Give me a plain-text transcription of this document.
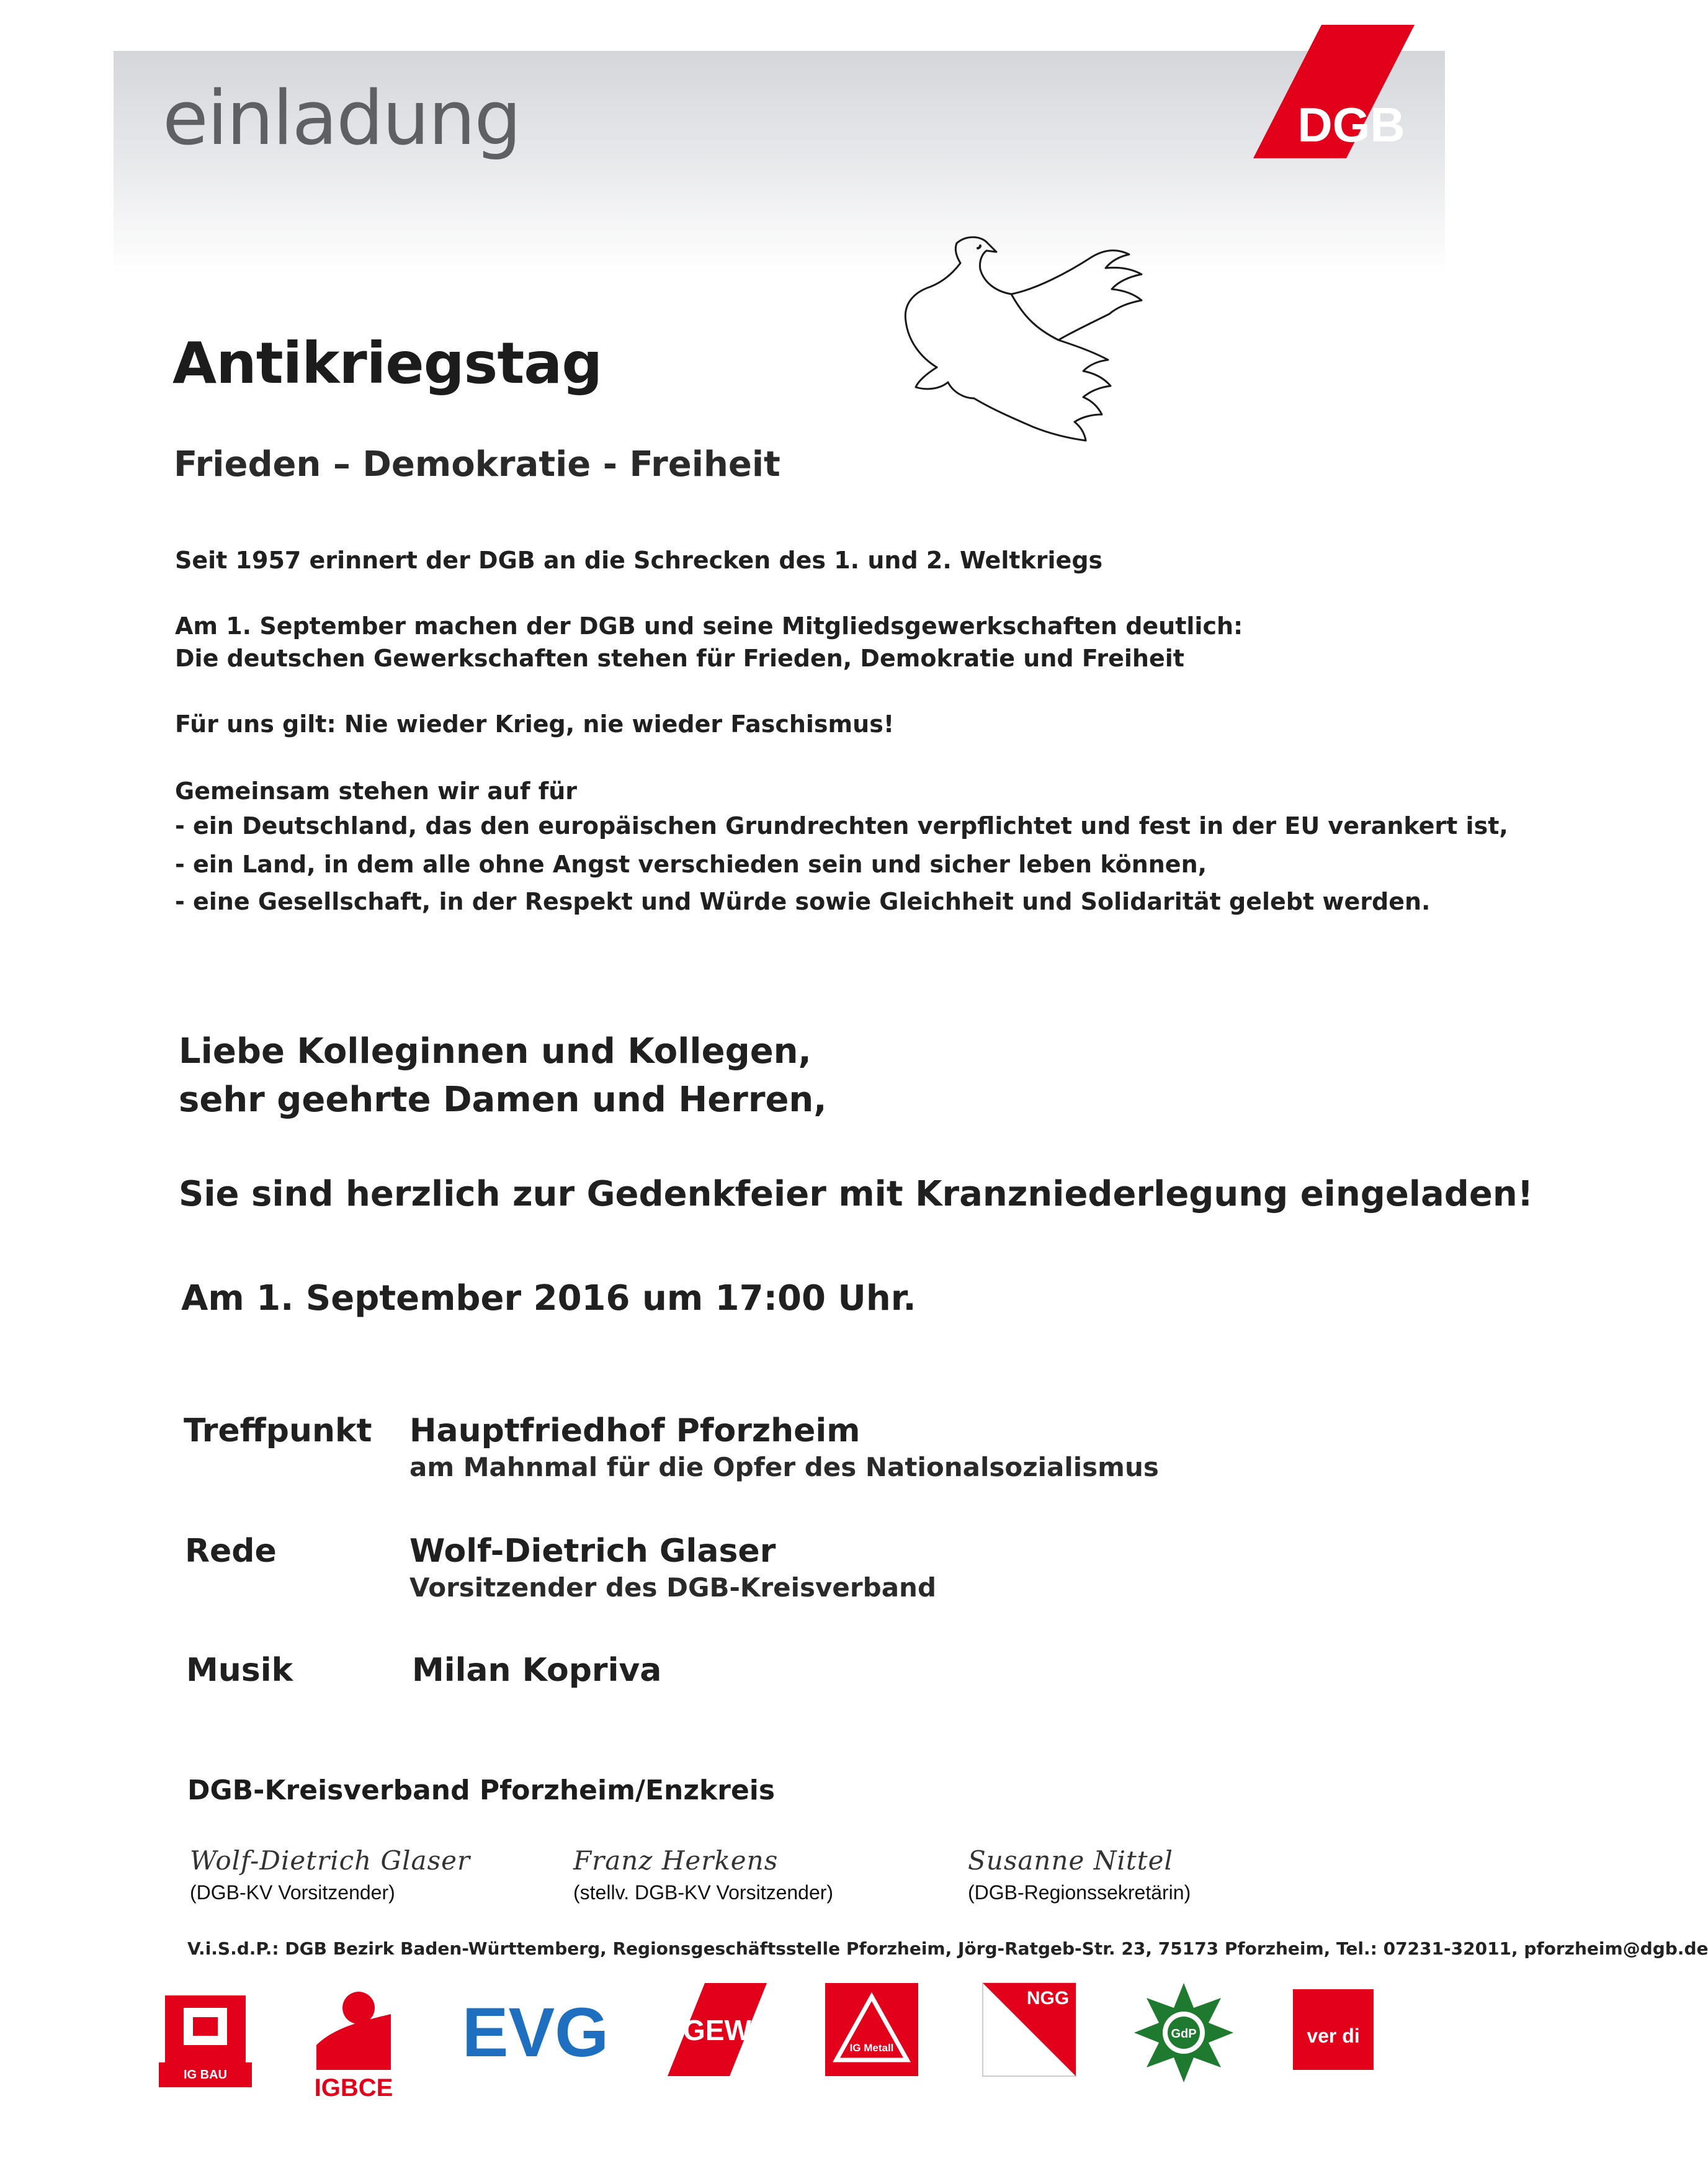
einladung	DGB
Antikriegstag
Frieden – Demokratie - Freiheit
Seit 1957 erinnert der DGB an die Schrecken des 1. und 2. Weltkriegs
Am 1. September machen der DGB und seine Mitgliedsgewerkschaften deutlich:
Die deutschen Gewerkschaften stehen für Frieden, Demokratie und Freiheit
Für uns gilt: Nie wieder Krieg, nie wieder Faschismus!
Gemeinsam stehen wir auf für
- ein Deutschland, das den europäischen Grundrechten verpflichtet und fest in der EU verankert ist,
- ein Land, in dem alle ohne Angst verschieden sein und sicher leben können,
- eine Gesellschaft, in der Respekt und Würde sowie Gleichheit und Solidarität gelebt werden.
Liebe Kolleginnen und Kollegen,
sehr geehrte Damen und Herren,
Sie sind herzlich zur Gedenkfeier mit Kranzniederlegung eingeladen!
Am 1. September 2016 um 17:00 Uhr.
Treffpunkt Hauptfriedhof Pforzheim
am Mahnmal für die Opfer des Nationalsozialismus
Rede	Wolf-Dietrich Glaser
Vorsitzender des DGB-Kreisverband
Musik	Milan Kopriva
DGB-Kreisverband Pforzheim/Enzkreis
Wolf-Dietrich Glaser
(DGB-KV Vorsitzender)
Franz Herkens
(stellv. DGB-KV Vorsitzender)
Susanne Nittel
(DGB-Regionssekretärin)
V.i.S.d.P.: DGB Bezirk Baden-Württemberg, Regionsgeschäftsstelle Pforzheim, Jörg-Ratgeb-Str. 23, 75173 Pforzheim, Tel.: 07231-32011, pforzheim@dgb.de
IG BAU	IGBCE
EVG	GEW
IG Metall
NGG
GdP	ver di
